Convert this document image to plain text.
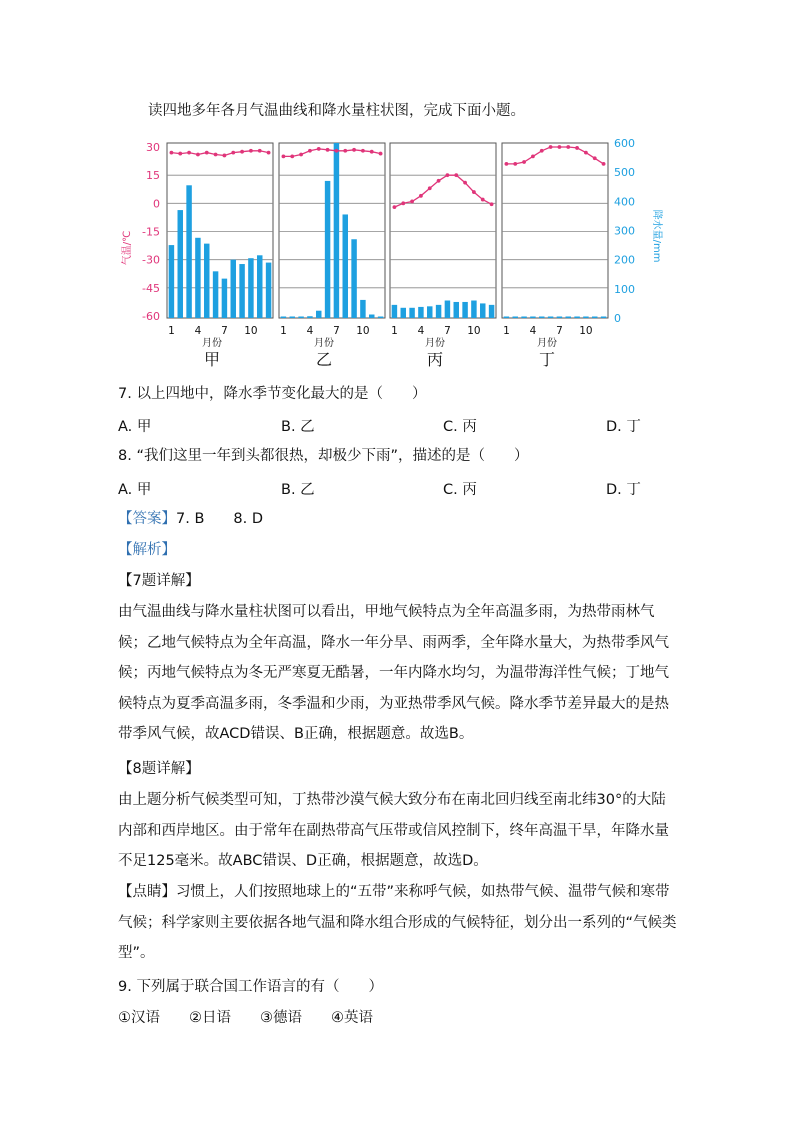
读四地多年各月气温曲线和降水量柱状图，完成下面小题。
30
15
0
-15
-30
-45
-60
气温/℃
600
500
400
300
200
100
0
降水量/mm
1 4 7 10
月份
甲
1 4 7 10
月份
乙
1 4 7 10
月份
丙
1 4 7 10
月份
丁
7. 以上四地中，降水季节变化最大的是（　　）
A. 甲	B. 乙	C. 丙	D. 丁
8. “我们这里一年到头都很热，却极少下雨”，描述的是（　　）
A. 甲	B. 乙	C. 丙	D. 丁
【答案】7. B　　8. D
【解析】
【7题详解】
由气温曲线与降水量柱状图可以看出，甲地气候特点为全年高温多雨，为热带雨林气候；乙地气候特点为全年高温，降水一年分旱、雨两季，全年降水量大，为热带季风气候；丙地气候特点为冬无严寒夏无酷暑，一年内降水均匀，为温带海洋性气候；丁地气候特点为夏季高温多雨，冬季温和少雨，为亚热带季风气候。降水季节差异最大的是热带季风气候，故ACD错误、B正确，根据题意。故选B。
【8题详解】
由上题分析气候类型可知，丁热带沙漠气候大致分布在南北回归线至南北纬30°的大陆内部和西岸地区。由于常年在副热带高气压带或信风控制下，终年高温干旱，年降水量不足125毫米。故ABC错误、D正确，根据题意，故选D。
【点睛】习惯上，人们按照地球上的“五带”来称呼气候，如热带气候、温带气候和寒带气候；科学家则主要依据各地气温和降水组合形成的气候特征，划分出一系列的“气候类型”。
9. 下列属于联合国工作语言的有（　　）
①汉语　　②日语　　③德语　　④英语
